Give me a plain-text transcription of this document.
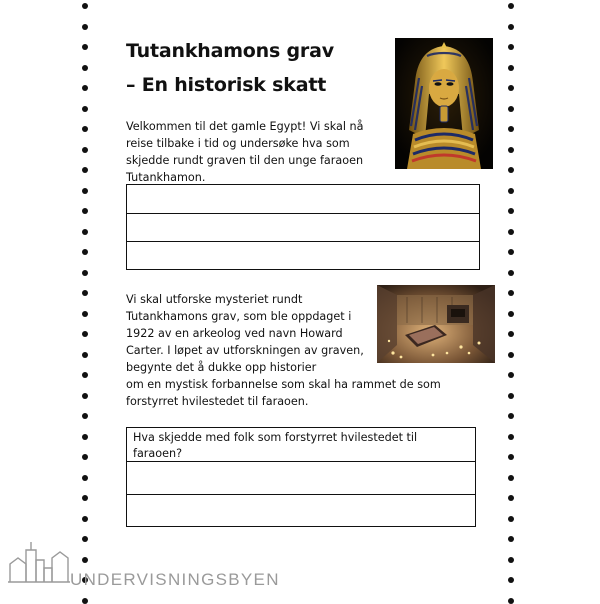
Tutankhamons grav
– En historisk skatt

Velkommen til det gamle Egypt! Vi skal nå reise tilbake i tid og undersøke hva som skjedde rundt graven til den unge faraoen Tutankhamon.

Vi skal utforske mysteriet rundt Tutankhamons grav, som ble oppdaget i 1922 av en arkeolog ved navn Howard Carter. I løpet av utforskningen av graven, begynte det å dukke opp historier
om en mystisk forbannelse som skal ha rammet de som forstyrret hvilestedet til faraoen.

Hva skjedde med folk som forstyrret hvilestedet til faraoen?

UNDERVISNINGSBYEN
